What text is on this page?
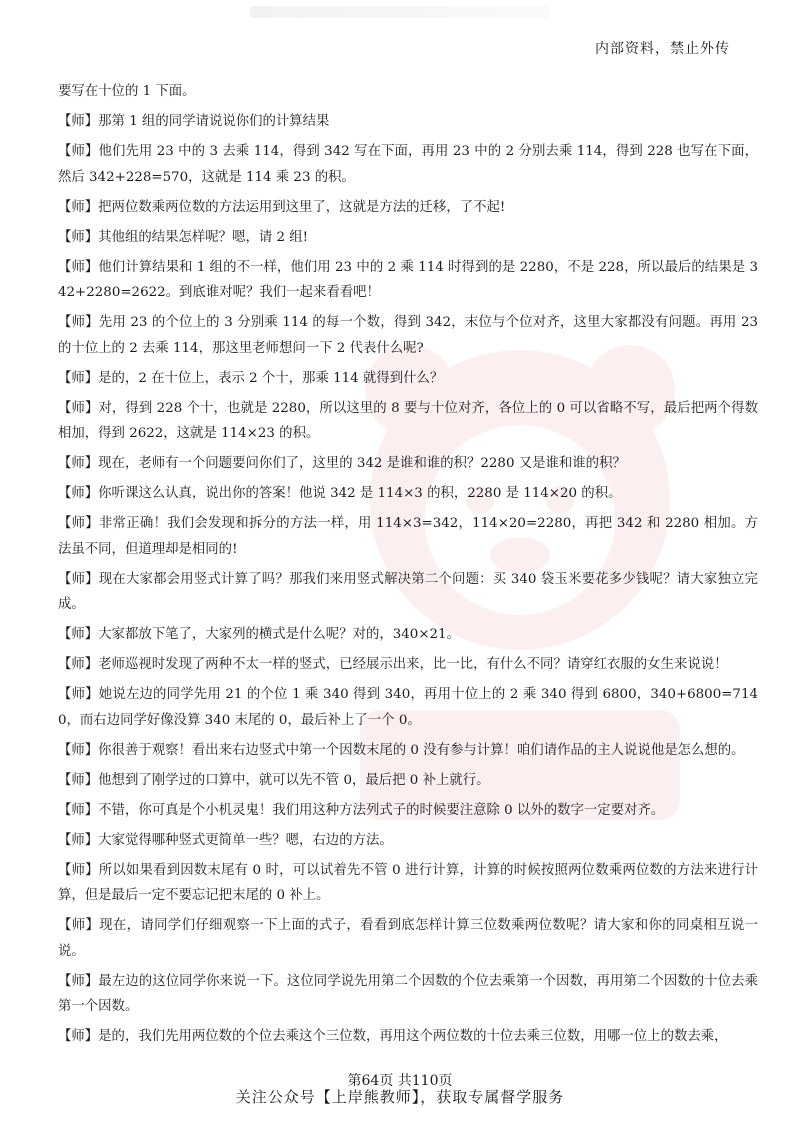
内部资料，禁止外传

要写在十位的 1 下面。

【师】那第 1 组的同学请说说你们的计算结果

【师】他们先用 23 中的 3 去乘 114，得到 342 写在下面，再用 23 中的 2 分别去乘 114，得到 228 也写在下面，然后 342+228=570，这就是 114 乘 23 的积。

【师】把两位数乘两位数的方法运用到这里了，这就是方法的迁移，了不起!

【师】其他组的结果怎样呢？嗯，请 2 组!

【师】他们计算结果和 1 组的不一样，他们用 23 中的 2 乘 114 时得到的是 2280，不是 228，所以最后的结果是 342+2280=2622。到底谁对呢？我们一起来看看吧！

【师】先用 23 的个位上的 3 分别乘 114 的每一个数，得到 342，末位与个位对齐，这里大家都没有问题。再用 23 的十位上的 2 去乘 114，那这里老师想问一下 2 代表什么呢?

【师】是的，2 在十位上，表示 2 个十，那乘 114 就得到什么？

【师】对，得到 228 个十，也就是 2280，所以这里的 8 要与十位对齐，各位上的 0 可以省略不写，最后把两个得数相加，得到 2622，这就是 114×23 的积。

【师】现在，老师有一个问题要问你们了，这里的 342 是谁和谁的积？2280 又是谁和谁的积？

【师】你听课这么认真，说出你的答案！他说 342 是 114×3 的积，2280 是 114×20 的积。

【师】非常正确！我们会发现和拆分的方法一样，用 114×3=342，114×20=2280，再把 342 和 2280 相加。方法虽不同，但道理却是相同的!

【师】现在大家都会用竖式计算了吗？那我们来用竖式解决第二个问题：买 340 袋玉米要花多少钱呢？请大家独立完成。

【师】大家都放下笔了，大家列的横式是什么呢？对的，340×21。

【师】老师巡视时发现了两种不太一样的竖式，已经展示出来，比一比，有什么不同？请穿红衣服的女生来说说！

【师】她说左边的同学先用 21 的个位 1 乘 340 得到 340，再用十位上的 2 乘 340 得到 6800，340+6800=7140，而右边同学好像没算 340 末尾的 0，最后补上了一个 0。

【师】你很善于观察！看出来右边竖式中第一个因数末尾的 0 没有参与计算！咱们请作品的主人说说他是怎么想的。

【师】他想到了刚学过的口算中，就可以先不管 0，最后把 0 补上就行。

【师】不错，你可真是个小机灵鬼！我们用这种方法列式子的时候要注意除 0 以外的数字一定要对齐。

【师】大家觉得哪种竖式更简单一些？嗯，右边的方法。

【师】所以如果看到因数末尾有 0 时，可以试着先不管 0 进行计算，计算的时候按照两位数乘两位数的方法来进行计算，但是最后一定不要忘记把末尾的 0 补上。

【师】现在，请同学们仔细观察一下上面的式子，看看到底怎样计算三位数乘两位数呢？请大家和你的同桌相互说一说。

【师】最左边的这位同学你来说一下。这位同学说先用第二个因数的个位去乘第一个因数，再用第二个因数的十位去乘第一个因数。

【师】是的，我们先用两位数的个位去乘这个三位数，再用这个两位数的十位去乘三位数，用哪一位上的数去乘，

第64页 共110页
关注公众号【上岸熊教师】，获取专属督学服务
